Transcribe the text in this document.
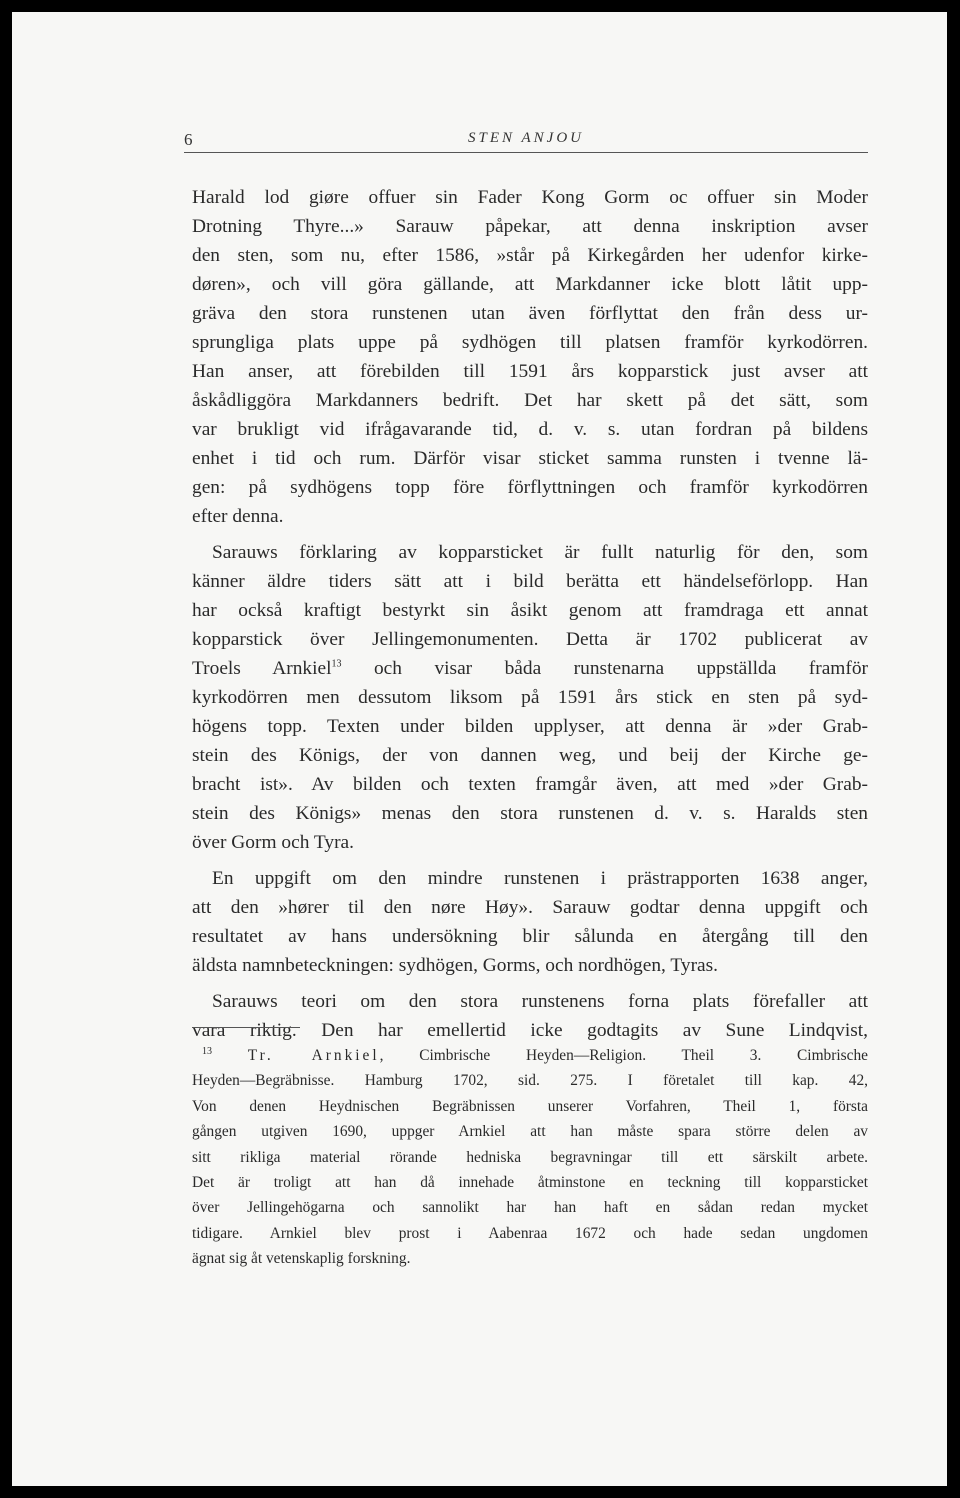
6	STEN ANJOU

Harald lod giøre offuer sin Fader Kong Gorm oc offuer sin Moder
Drotning Thyre...» Sarauw påpekar, att denna inskription avser
den sten, som nu, efter 1586, »står på Kirkegården her udenfor kirke-
døren», och vill göra gällande, att Markdanner icke blott låtit upp-
gräva den stora runstenen utan även förflyttat den från dess ur-
sprungliga plats uppe på sydhögen till platsen framför kyrkodörren.
Han anser, att förebilden till 1591 års kopparstick just avser att
åskådliggöra Markdanners bedrift. Det har skett på det sätt, som
var brukligt vid ifrågavarande tid, d. v. s. utan fordran på bildens
enhet i tid och rum. Därför visar sticket samma runsten i tvenne lä-
gen: på sydhögens topp före förflyttningen och framför kyrkodörren
efter denna.

Sarauws förklaring av kopparsticket är fullt naturlig för den, som
känner äldre tiders sätt att i bild berätta ett händelseförlopp. Han
har också kraftigt bestyrkt sin åsikt genom att framdraga ett annat
kopparstick över Jellingemonumenten. Detta är 1702 publicerat av
Troels Arnkiel$^{13}$ och visar båda runstenarna uppställda framför
kyrkodörren men dessutom liksom på 1591 års stick en sten på syd-
högens topp. Texten under bilden upplyser, att denna är »der Grab-
stein des Königs, der von dannen weg, und beij der Kirche ge-
bracht ist». Av bilden och texten framgår även, att med »der Grab-
stein des Königs» menas den stora runstenen d. v. s. Haralds sten
över Gorm och Tyra.

En uppgift om den mindre runstenen i prästrapporten 1638 anger,
att den »hører til den nøre Høy». Sarauw godtar denna uppgift och
resultatet av hans undersökning blir sålunda en återgång till den
äldsta namnbeteckningen: sydhögen, Gorms, och nordhögen, Tyras.

Sarauws teori om den stora runstenens forna plats förefaller att
vara riktig. Den har emellertid icke godtagits av Sune Lindqvist,

$^{13}$ Tr. Arnkiel, Cimbrische Heyden—Religion. Theil 3. Cimbrische
Heyden—Begräbnisse. Hamburg 1702, sid. 275. I företalet till kap. 42,
Von denen Heydnischen Begräbnissen unserer Vorfahren, Theil 1, första
gången utgiven 1690, uppger Arnkiel att han måste spara större delen av
sitt rikliga material rörande hedniska begravningar till ett särskilt arbete.
Det är troligt att han då innehade åtminstone en teckning till kopparsticket
över Jellingehögarna och sannolikt har han haft en sådan redan mycket
tidigare. Arnkiel blev prost i Aabenraa 1672 och hade sedan ungdomen
ägnat sig åt vetenskaplig forskning.
